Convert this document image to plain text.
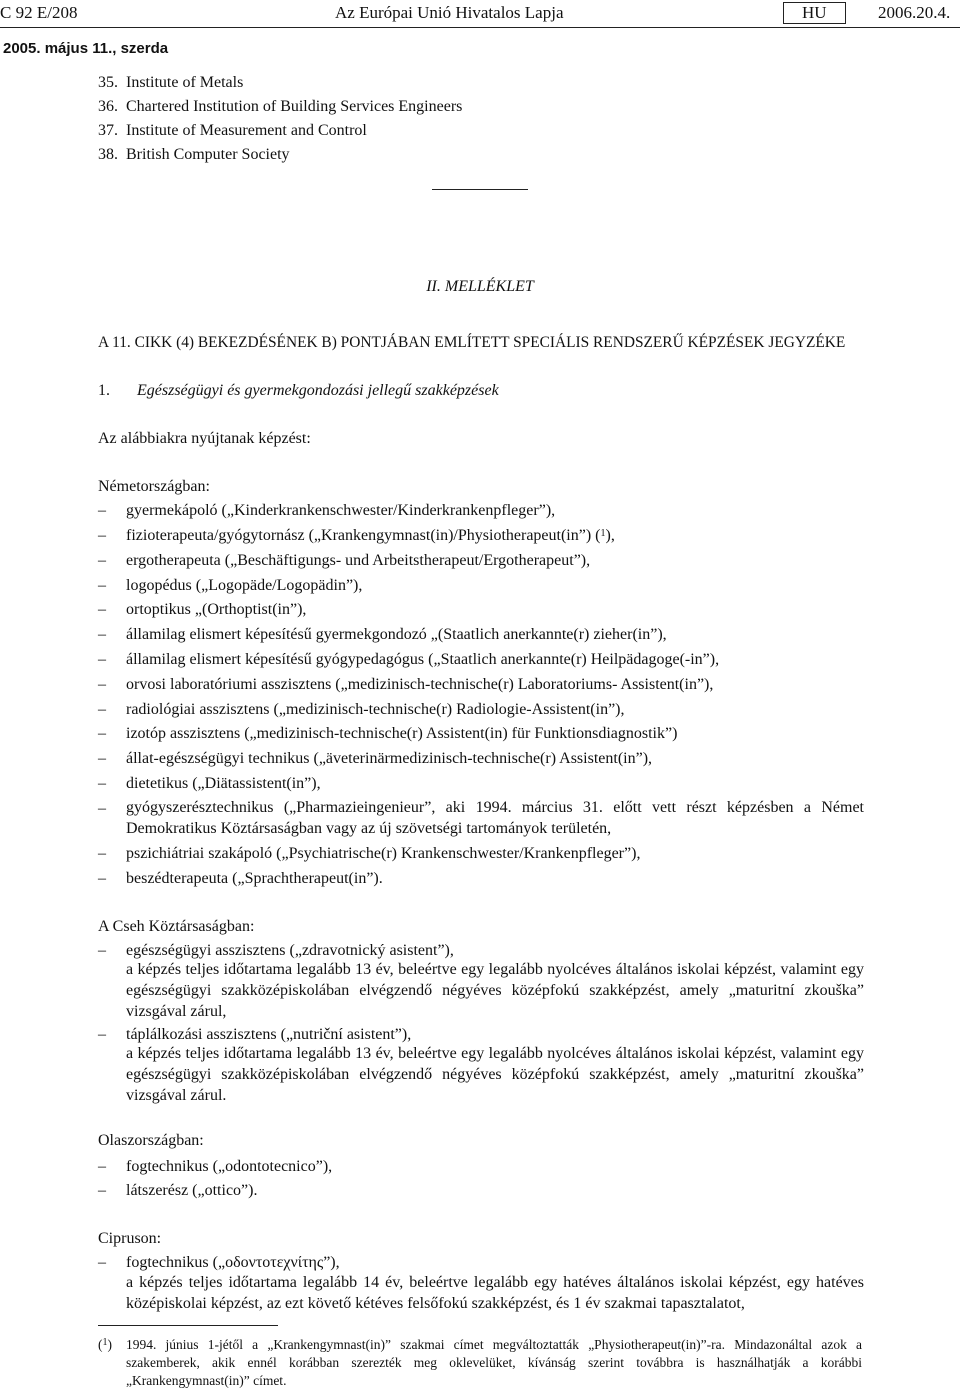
C 92 E/208	Az Európai Unió Hivatalos Lapja	HU	2006.20.4.
2005. május 11., szerda
35.  Institute of Metals
36.  Chartered Institution of Building Services Engineers
37.  Institute of Measurement and Control
38.  British Computer Society
II. MELLÉKLET
A 11. CIKK (4) BEKEZDÉSÉNEK B) PONTJÁBAN EMLÍTETT SPECIÁLIS RENDSZERŰ KÉPZÉSEK JEGYZÉKE
1. Egészségügyi és gyermekgondozási jellegű szakképzések
Az alábbiakra nyújtanak képzést:
Németországban:
– gyermekápoló („Kinderkrankenschwester/Kinderkrankenpfleger”),
– fizioterapeuta/gyógytornász („Krankengymnast(in)/Physiotherapeut(in”) ($^1$),
– ergotherapeuta („Beschäftigungs- und Arbeitstherapeut/Ergotherapeut”),
– logopédus („Logopäde/Logopädin”),
– ortoptikus „(Orthoptist(in”),
– államilag elismert képesítésű gyermekgondozó „(Staatlich anerkannte(r) zieher(in”),
– államilag elismert képesítésű gyógypedagógus („Staatlich anerkannte(r) Heilpädagoge(-in”),
– orvosi laboratóriumi asszisztens („medizinisch-technische(r) Laboratoriums- Assistent(in”),
– radiológiai asszisztens („medizinisch-technische(r) Radiologie-Assistent(in”),
– izotóp asszisztens („medizinisch-technische(r) Assistent(in) für Funktionsdiagnostik”)
– állat-egészségügyi technikus („äveterinärmedizinisch-technische(r) Assistent(in”),
– dietetikus („Diätassistent(in”),
– gyógyszerésztechnikus („Pharmazieingenieur”, aki 1994. március 31. előtt vett részt képzésben a Német Demokratikus Köztársaságban vagy az új szövetségi tartományok területén,
– pszichiátriai szakápoló („Psychiatrische(r) Krankenschwester/Krankenpfleger”),
– beszédterapeuta („Sprachtherapeut(in”).
A Cseh Köztársaságban:
– egészségügyi asszisztens („zdravotnický asistent”),
a képzés teljes időtartama legalább 13 év, beleértve egy legalább nyolcéves általános iskolai képzést, valamint egy egészségügyi szakközépiskolában elvégzendő négyéves középfokú szakképzést, amely „maturitní zkouška” vizsgával zárul,
– táplálkozási asszisztens („nutriční asistent”),
a képzés teljes időtartama legalább 13 év, beleértve egy legalább nyolcéves általános iskolai képzést, valamint egy egészségügyi szakközépiskolában elvégzendő négyéves középfokú szakképzést, amely „maturitní zkouška” vizsgával zárul.
Olaszországban:
– fogtechnikus („odontotecnico”),
– látszerész („ottico”).
Cipruson:
– fogtechnikus („οδοντοτεχνίτης”),
a képzés teljes időtartama legalább 14 év, beleértve legalább egy hatéves általános iskolai képzést, egy hatéves középiskolai képzést, az ezt követő kétéves felsőfokú szakképzést, és 1 év szakmai tapasztalatot,
($^1$) 1994. június 1-jétől a „Krankengymnast(in)” szakmai címet megváltoztatták „Physiotherapeut(in)”-ra. Mindazonáltal azok a szakemberek, akik ennél korábban szerezték meg oklevelüket, kívánság szerint továbbra is használhatják a korábbi „Krankengymnast(in)” címet.
